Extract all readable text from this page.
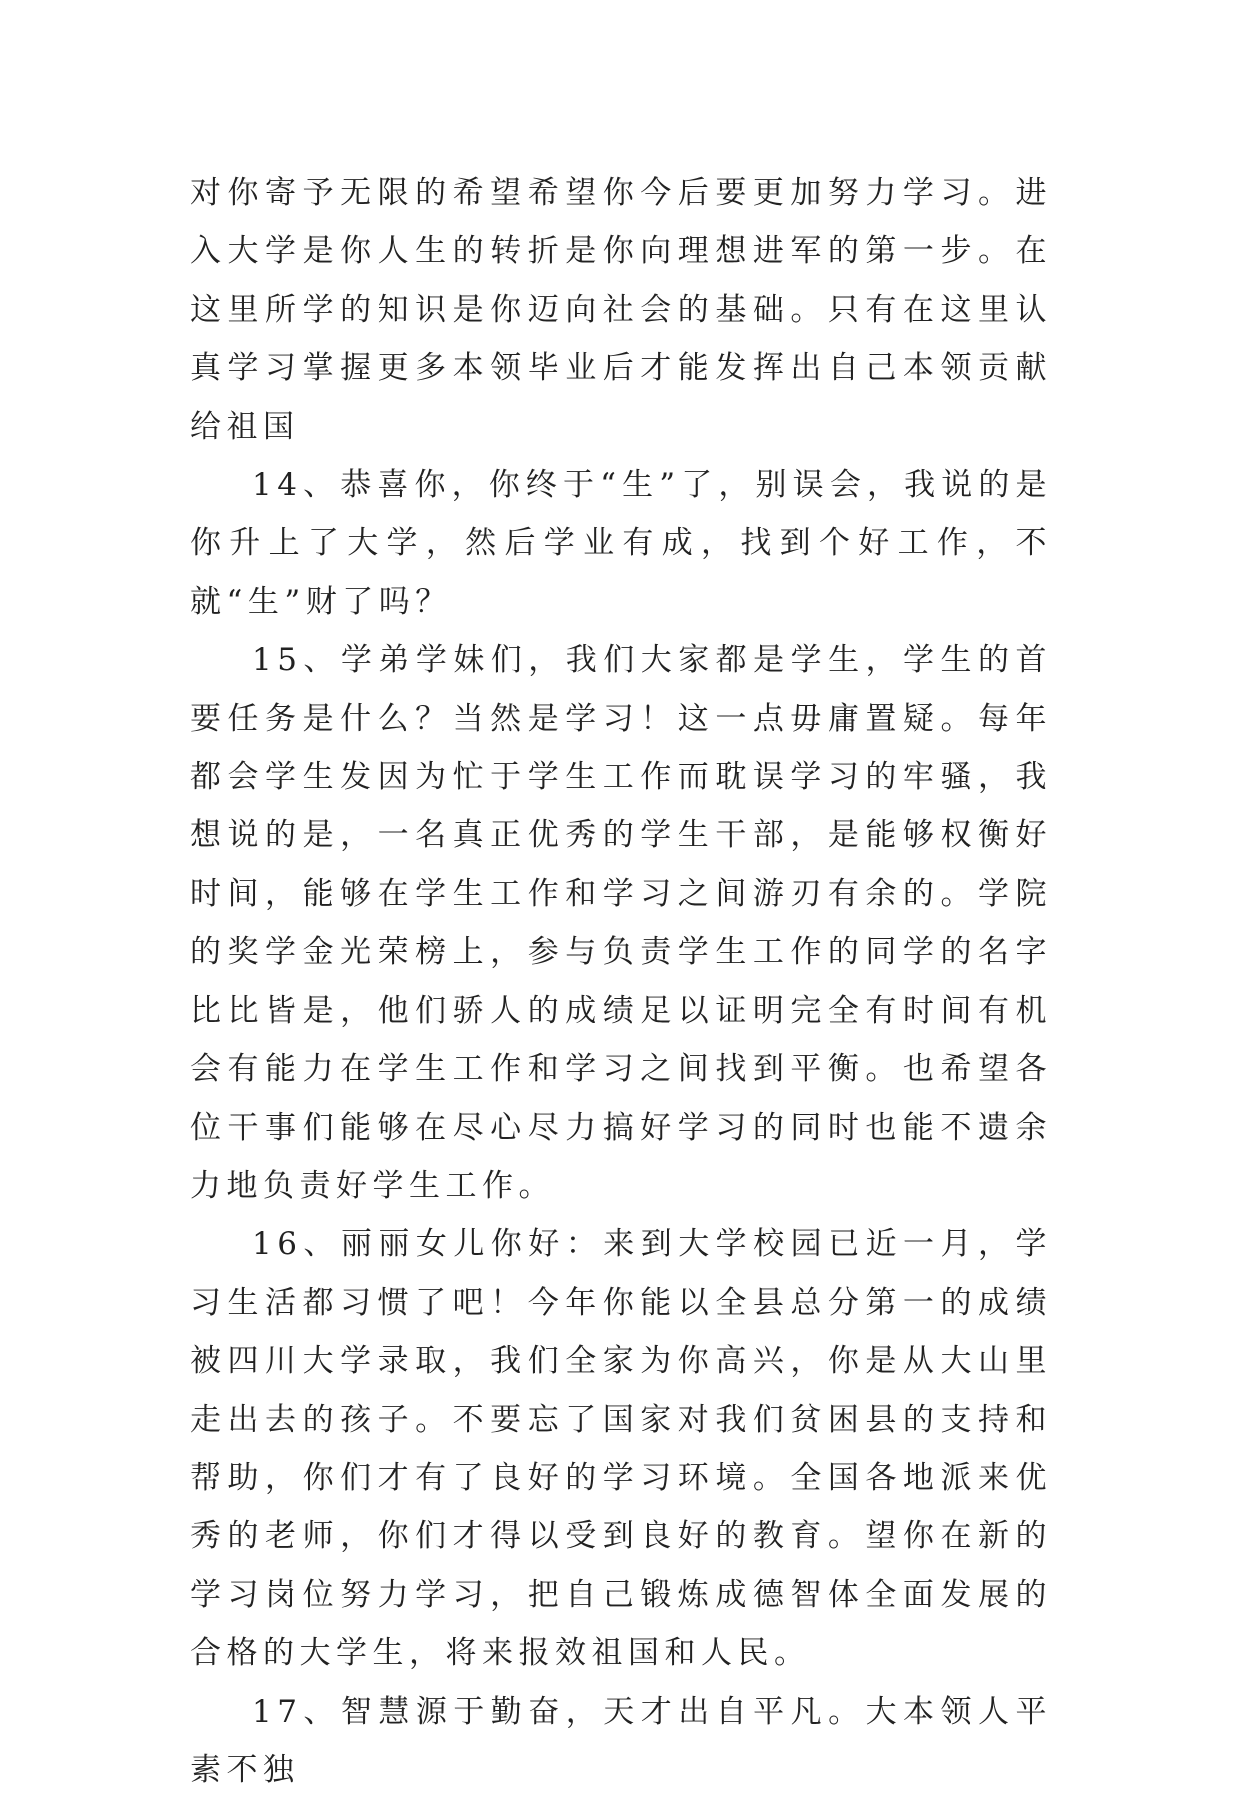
对你寄予无限的希望希望你今后要更加努力学习。进入大学是你人生的转折是你向理想进军的第一步。在这里所学的知识是你迈向社会的基础。只有在这里认真学习掌握更多本领毕业后才能发挥出自己本领贡献给祖国

14、恭喜你，你终于“生”了，别误会，我说的是你升上了大学，然后学业有成，找到个好工作，不就“生”财了吗？

15、学弟学妹们，我们大家都是学生，学生的首要任务是什么？当然是学习！这一点毋庸置疑。每年都会学生发因为忙于学生工作而耽误学习的牢骚，我想说的是，一名真正优秀的学生干部，是能够权衡好时间，能够在学生工作和学习之间游刃有余的。学院的奖学金光荣榜上，参与负责学生工作的同学的名字比比皆是，他们骄人的成绩足以证明完全有时间有机会有能力在学生工作和学习之间找到平衡。也希望各位干事们能够在尽心尽力搞好学习的同时也能不遗余力地负责好学生工作。

16、丽丽女儿你好：来到大学校园已近一月，学习生活都习惯了吧！今年你能以全县总分第一的成绩被四川大学录取，我们全家为你高兴，你是从大山里走出去的孩子。不要忘了国家对我们贫困县的支持和帮助，你们才有了良好的学习环境。全国各地派来优秀的老师，你们才得以受到良好的教育。望你在新的学习岗位努力学习，把自己锻炼成德智体全面发展的合格的大学生，将来报效祖国和人民。

17、智慧源于勤奋，天才出自平凡。大本领人平素不独
